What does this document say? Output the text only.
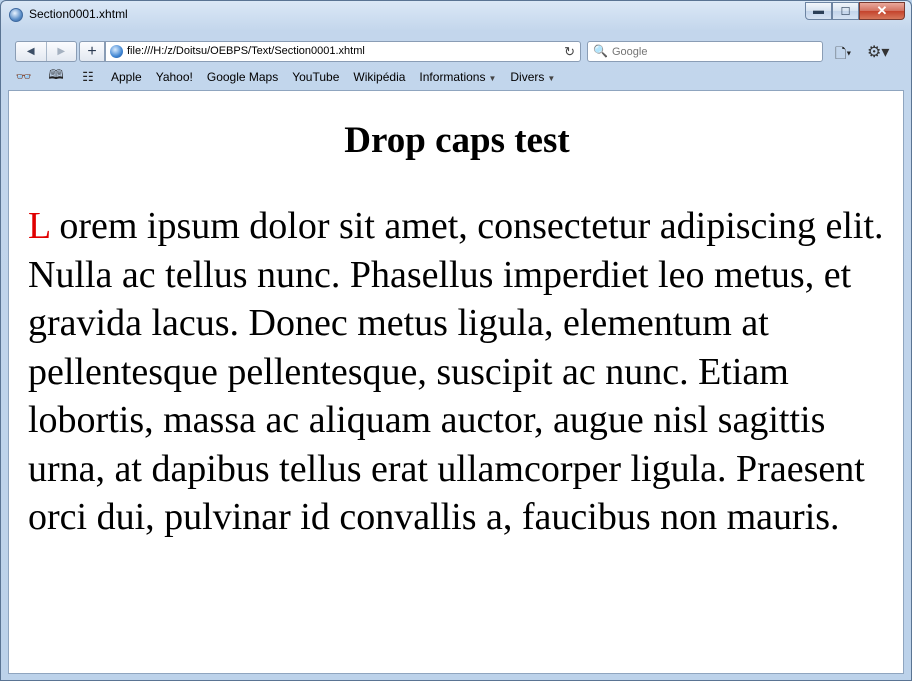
Section0001.xhtml	▬	☐	✕
◀	▶	+	file:///H:/z/Doitsu/OEBPS/Text/Section0001.xhtml	↻ 🔍
Google	🗋▾ ⚙▾
👓 🕮	☷	Apple Yahoo! Google Maps YouTube Wikipédia Informations ▼ Divers ▼
Drop caps test

L orem ipsum dolor sit amet, consectetur adipiscing elit. Nulla ac tellus nunc. Phasellus imperdiet leo metus, et gravida lacus. Donec metus ligula, elementum at pellentesque pellentesque, suscipit ac nunc. Etiam lobortis, massa ac aliquam auctor, augue nisl sagittis urna, at dapibus tellus erat ullamcorper ligula. Praesent orci dui, pulvinar id convallis a, faucibus non mauris.
